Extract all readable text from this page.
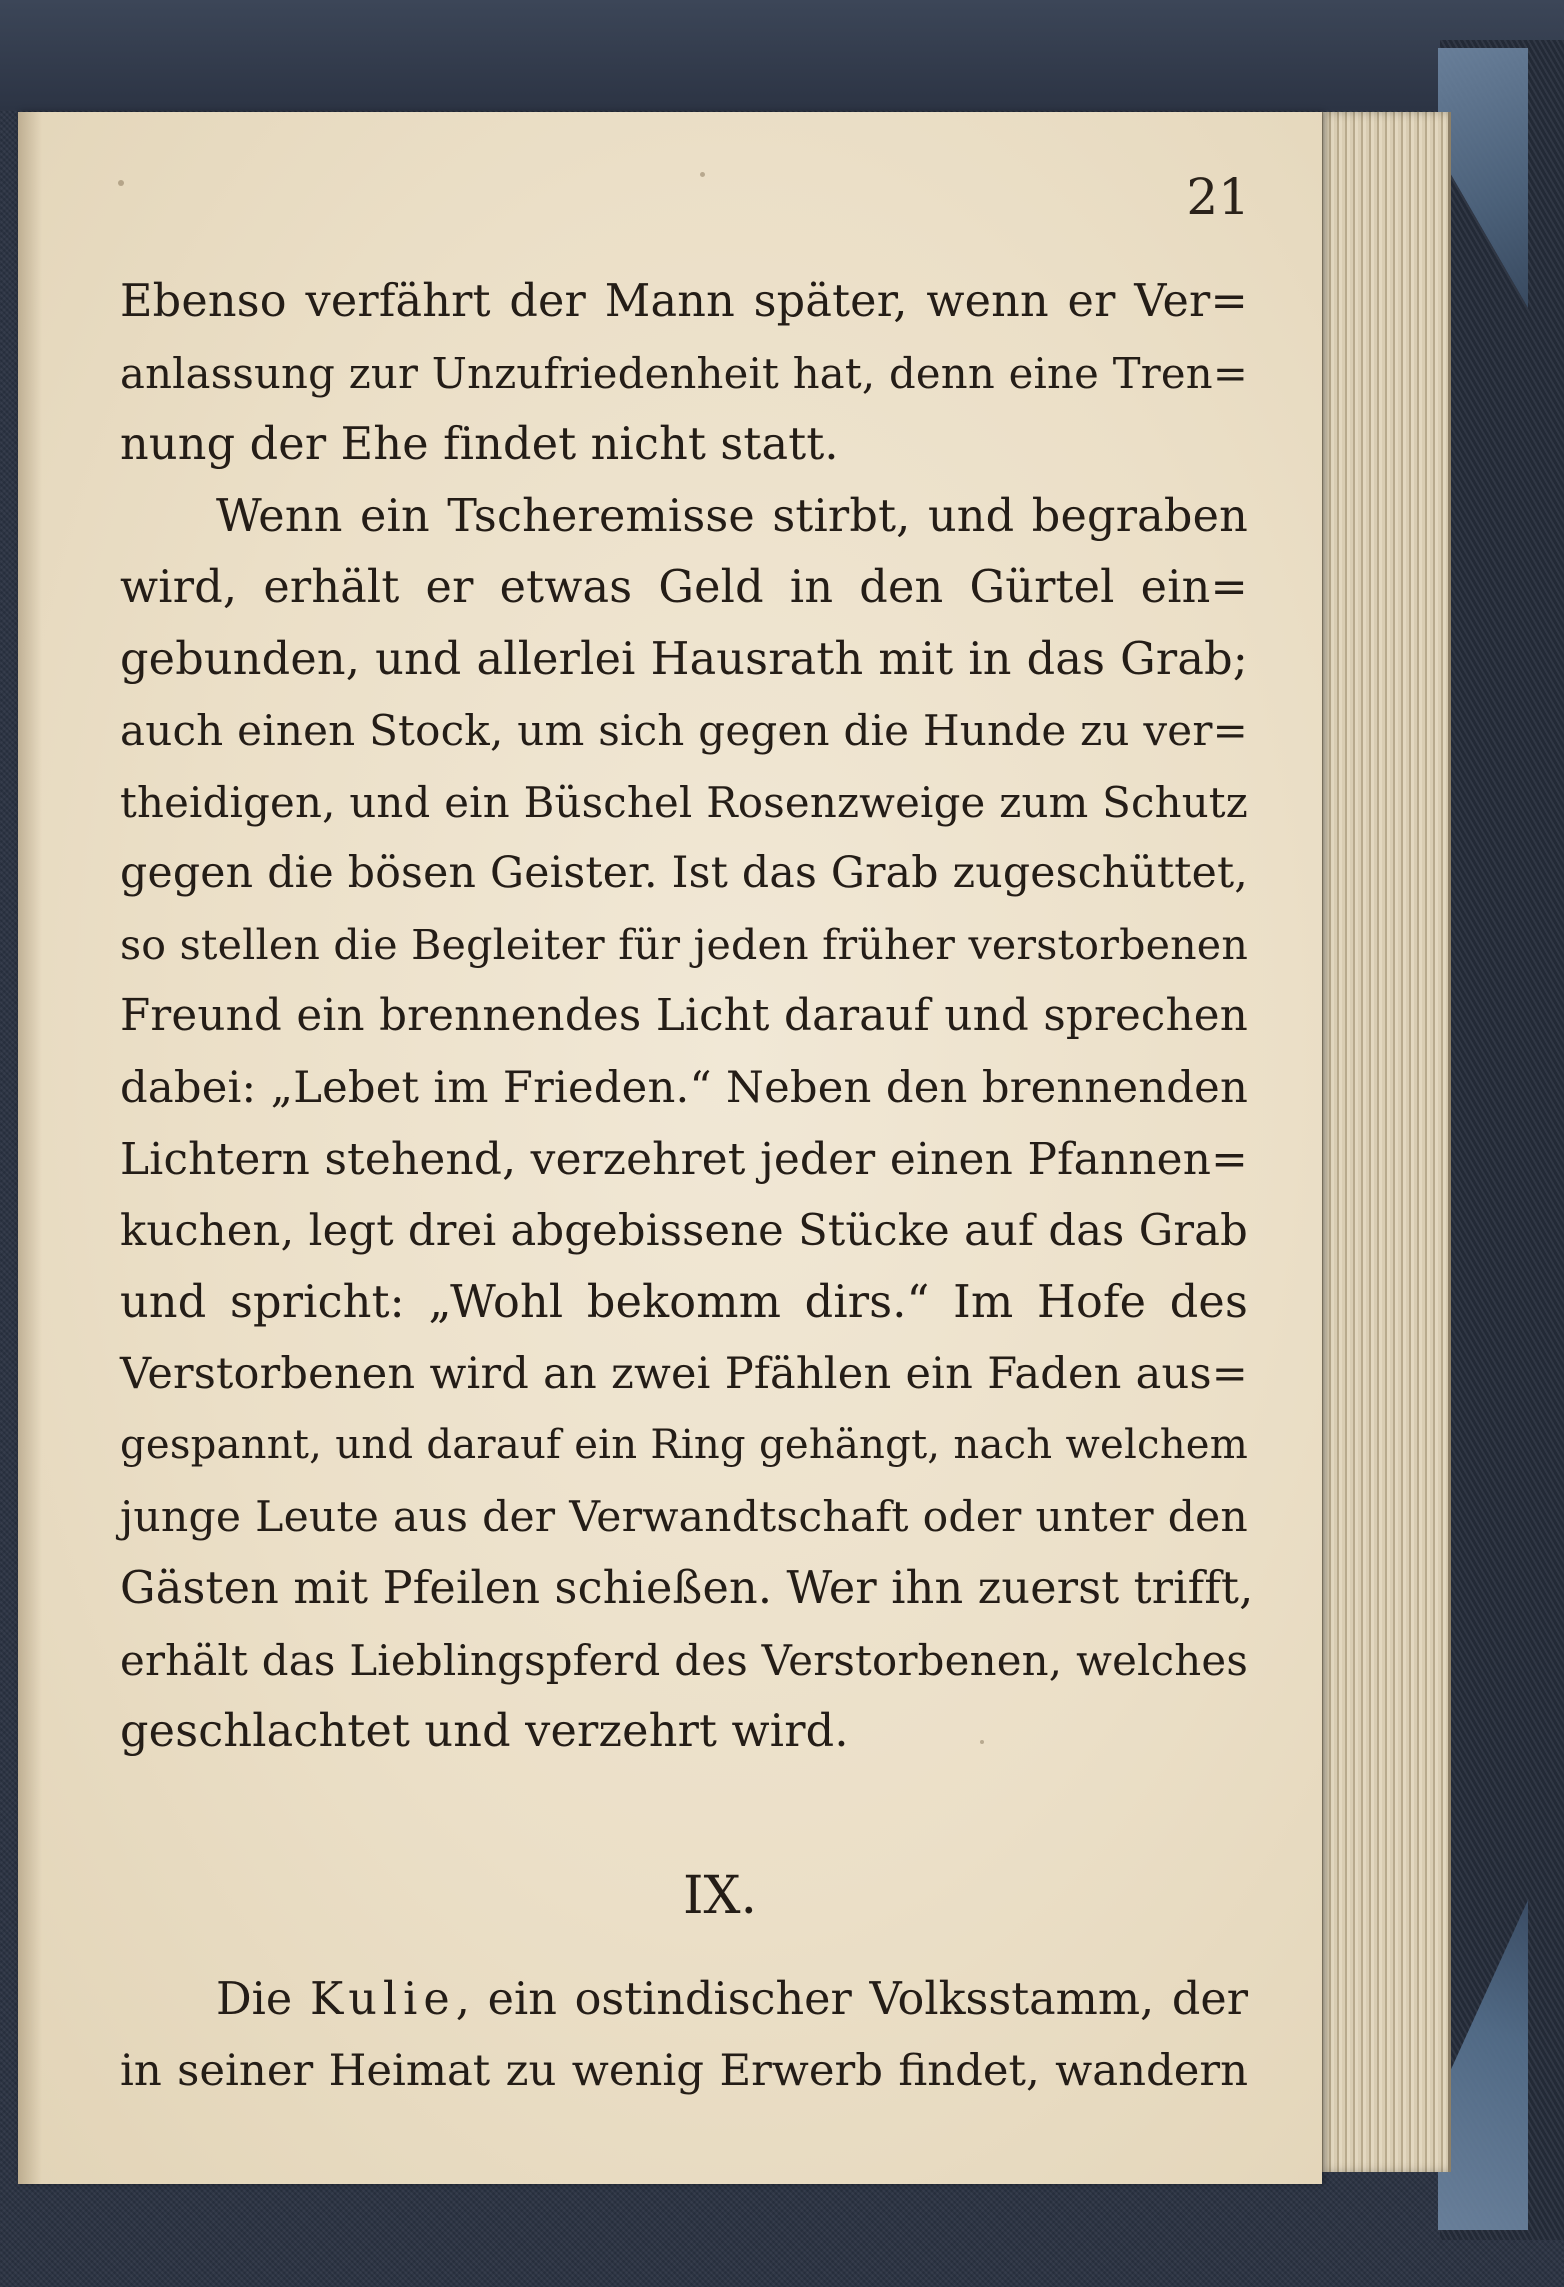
21
Ebenso verfährt der Mann später, wenn er Ver=
anlassung zur Unzufriedenheit hat, denn eine Tren=
nung der Ehe findet nicht statt.
Wenn ein Tscheremisse stirbt, und begraben
wird, erhält er etwas Geld in den Gürtel ein=
gebunden, und allerlei Hausrath mit in das Grab;
auch einen Stock, um sich gegen die Hunde zu ver=
theidigen, und ein Büschel Rosenzweige zum Schutz
gegen die bösen Geister. Ist das Grab zugeschüttet,
so stellen die Begleiter für jeden früher verstorbenen
Freund ein brennendes Licht darauf und sprechen
dabei: „Lebet im Frieden.“ Neben den brennenden
Lichtern stehend, verzehret jeder einen Pfannen=
kuchen, legt drei abgebissene Stücke auf das Grab
und spricht: „Wohl bekomm dirs.“ Im Hofe des
Verstorbenen wird an zwei Pfählen ein Faden aus=
gespannt, und darauf ein Ring gehängt, nach welchem
junge Leute aus der Verwandtschaft oder unter den
Gästen mit Pfeilen schießen. Wer ihn zuerst trifft,
erhält das Lieblingspferd des Verstorbenen, welches
geschlachtet und verzehrt wird.
IX.
Die Kulie, ein ostindischer Volksstamm, der
in seiner Heimat zu wenig Erwerb findet, wandern
